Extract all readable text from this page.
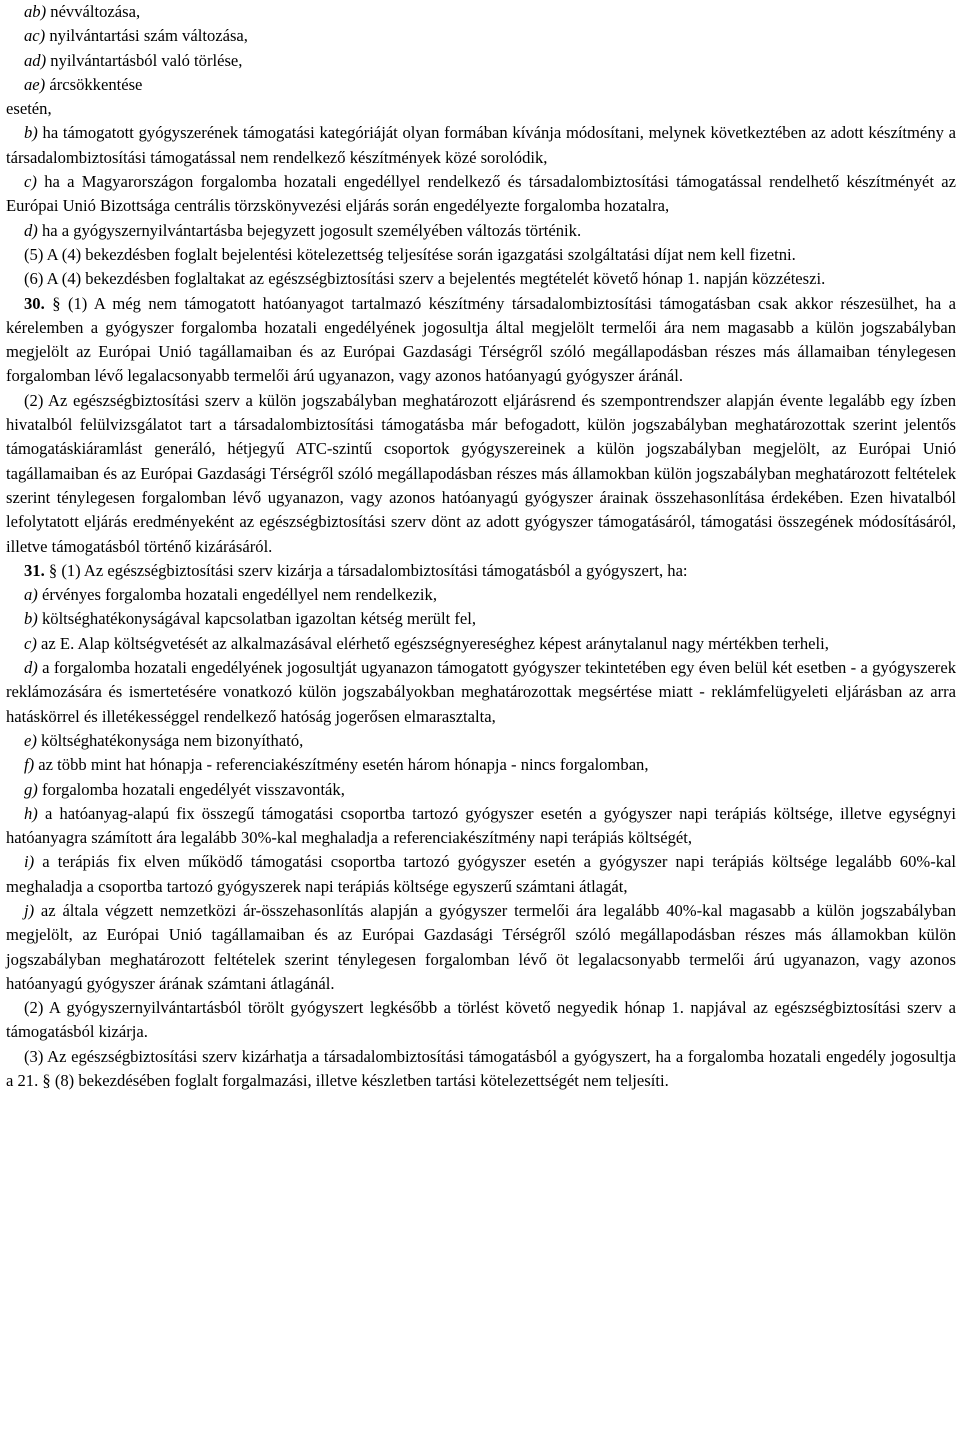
ab) névváltozása,
ac) nyilvántartási szám változása,
ad) nyilvántartásból való törlése,
ae) árcsökkentése
esetén,

b) ha támogatott gyógyszerének támogatási kategóriáját olyan formában kívánja módosítani, melynek következtében az adott készítmény a társadalombiztosítási támogatással nem rendelkező készítmények közé sorolódik,

c) ha a Magyarországon forgalomba hozatali engedéllyel rendelkező és társadalombiztosítási támogatással rendelhető készítményét az Európai Unió Bizottsága centrális törzskönyvezési eljárás során engedélyezte forgalomba hozatalra,

d) ha a gyógyszernyilvántartásba bejegyzett jogosult személyében változás történik.

(5) A (4) bekezdésben foglalt bejelentési kötelezettség teljesítése során igazgatási szolgáltatási díjat nem kell fizetni.

(6) A (4) bekezdésben foglaltakat az egészségbiztosítási szerv a bejelentés megtételét követő hónap 1. napján közzéteszi.

30. § (1) A még nem támogatott hatóanyagot tartalmazó készítmény társadalombiztosítási támogatásban csak akkor részesülhet, ha a kérelemben a gyógyszer forgalomba hozatali engedélyének jogosultja által megjelölt termelői ára nem magasabb a külön jogszabályban megjelölt az Európai Unió tagállamaiban és az Európai Gazdasági Térségről szóló megállapodásban részes más államaiban ténylegesen forgalomban lévő legalacsonyabb termelői árú ugyanazon, vagy azonos hatóanyagú gyógyszer áránál.

(2) Az egészségbiztosítási szerv a külön jogszabályban meghatározott eljárásrend és szempontrendszer alapján évente legalább egy ízben hivatalból felülvizsgálatot tart a társadalombiztosítási támogatásba már befogadott, külön jogszabályban meghatározottak szerint jelentős támogatáskiáramlást generáló, hétjegyű ATC-szintű csoportok gyógyszereinek a külön jogszabályban megjelölt, az Európai Unió tagállamaiban és az Európai Gazdasági Térségről szóló megállapodásban részes más államokban külön jogszabályban meghatározott feltételek szerint ténylegesen forgalomban lévő ugyanazon, vagy azonos hatóanyagú gyógyszer árainak összehasonlítása érdekében. Ezen hivatalból lefolytatott eljárás eredményeként az egészségbiztosítási szerv dönt az adott gyógyszer támogatásáról, támogatási összegének módosításáról, illetve támogatásból történő kizárásáról.

31. § (1) Az egészségbiztosítási szerv kizárja a társadalombiztosítási támogatásból a gyógyszert, ha:

a) érvényes forgalomba hozatali engedéllyel nem rendelkezik,

b) költséghatékonyságával kapcsolatban igazoltan kétség merült fel,

c) az E. Alap költségvetését az alkalmazásával elérhető egészségnyereséghez képest aránytalanul nagy mértékben terheli,

d) a forgalomba hozatali engedélyének jogosultját ugyanazon támogatott gyógyszer tekintetében egy éven belül két esetben - a gyógyszerek reklámozására és ismertetésére vonatkozó külön jogszabályokban meghatározottak megsértése miatt - reklámfelügyeleti eljárásban az arra hatáskörrel és illetékességgel rendelkező hatóság jogerősen elmarasztalta,

e) költséghatékonysága nem bizonyítható,

f) az több mint hat hónapja - referenciakészítmény esetén három hónapja - nincs forgalomban,

g) forgalomba hozatali engedélyét visszavonták,

h) a hatóanyag-alapú fix összegű támogatási csoportba tartozó gyógyszer esetén a gyógyszer napi terápiás költsége, illetve egységnyi hatóanyagra számított ára legalább 30%-kal meghaladja a referenciakészítmény napi terápiás költségét,

i) a terápiás fix elven működő támogatási csoportba tartozó gyógyszer esetén a gyógyszer napi terápiás költsége legalább 60%-kal meghaladja a csoportba tartozó gyógyszerek napi terápiás költsége egyszerű számtani átlagát,

j) az általa végzett nemzetközi ár-összehasonlítás alapján a gyógyszer termelői ára legalább 40%-kal magasabb a külön jogszabályban megjelölt, az Európai Unió tagállamaiban és az Európai Gazdasági Térségről szóló megállapodásban részes más államokban külön jogszabályban meghatározott feltételek szerint ténylegesen forgalomban lévő öt legalacsonyabb termelői árú ugyanazon, vagy azonos hatóanyagú gyógyszer árának számtani átlagánál.

(2) A gyógyszernyilvántartásból törölt gyógyszert legkésőbb a törlést követő negyedik hónap 1. napjával az egészségbiztosítási szerv a támogatásból kizárja.

(3) Az egészségbiztosítási szerv kizárhatja a társadalombiztosítási támogatásból a gyógyszert, ha a forgalomba hozatali engedély jogosultja a 21. § (8) bekezdésében foglalt forgalmazási, illetve készletben tartási kötelezettségét nem teljesíti.
